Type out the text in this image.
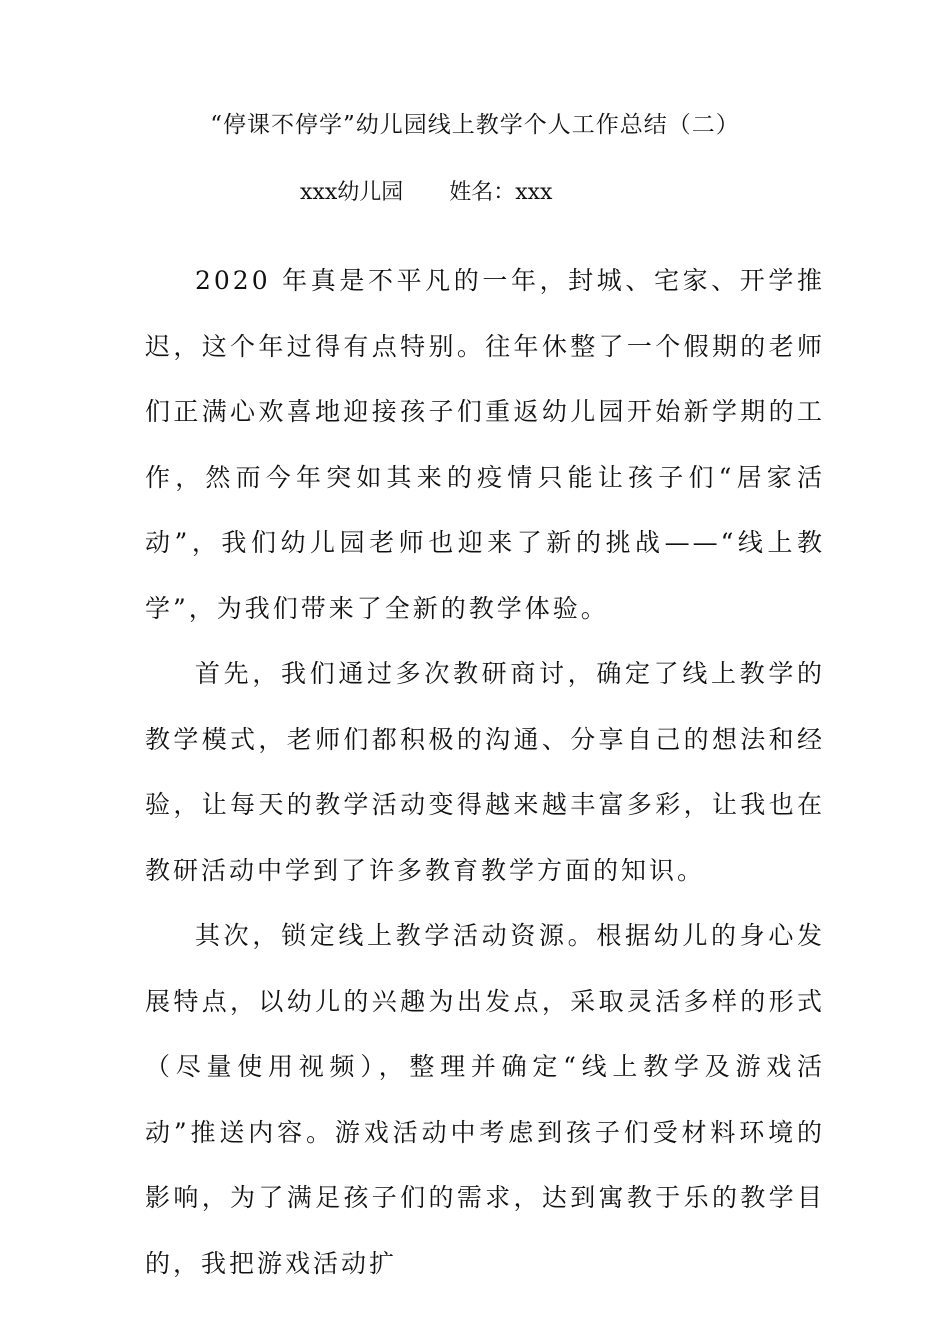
“停课不停学”幼儿园线上教学个人工作总结（二）
xxx幼儿园 姓名：xxx

2020 年真是不平凡的一年，封城、宅家、开学推迟，这个年过得有点特别。往年休整了一个假期的老师们正满心欢喜地迎接孩子们重返幼儿园开始新学期的工作，然而今年突如其来的疫情只能让孩子们“居家活动”，我们幼儿园老师也迎来了新的挑战——“线上教学”，为我们带来了全新的教学体验。

首先，我们通过多次教研商讨，确定了线上教学的教学模式，老师们都积极的沟通、分享自己的想法和经验，让每天的教学活动变得越来越丰富多彩，让我也在教研活动中学到了许多教育教学方面的知识。

其次，锁定线上教学活动资源。根据幼儿的身心发展特点，以幼儿的兴趣为出发点，采取灵活多样的形式（尽量使用视频），整理并确定“线上教学及游戏活动”推送内容。游戏活动中考虑到孩子们受材料环境的影响，为了满足孩子们的需求，达到寓教于乐的教学目的，我把游戏活动扩
